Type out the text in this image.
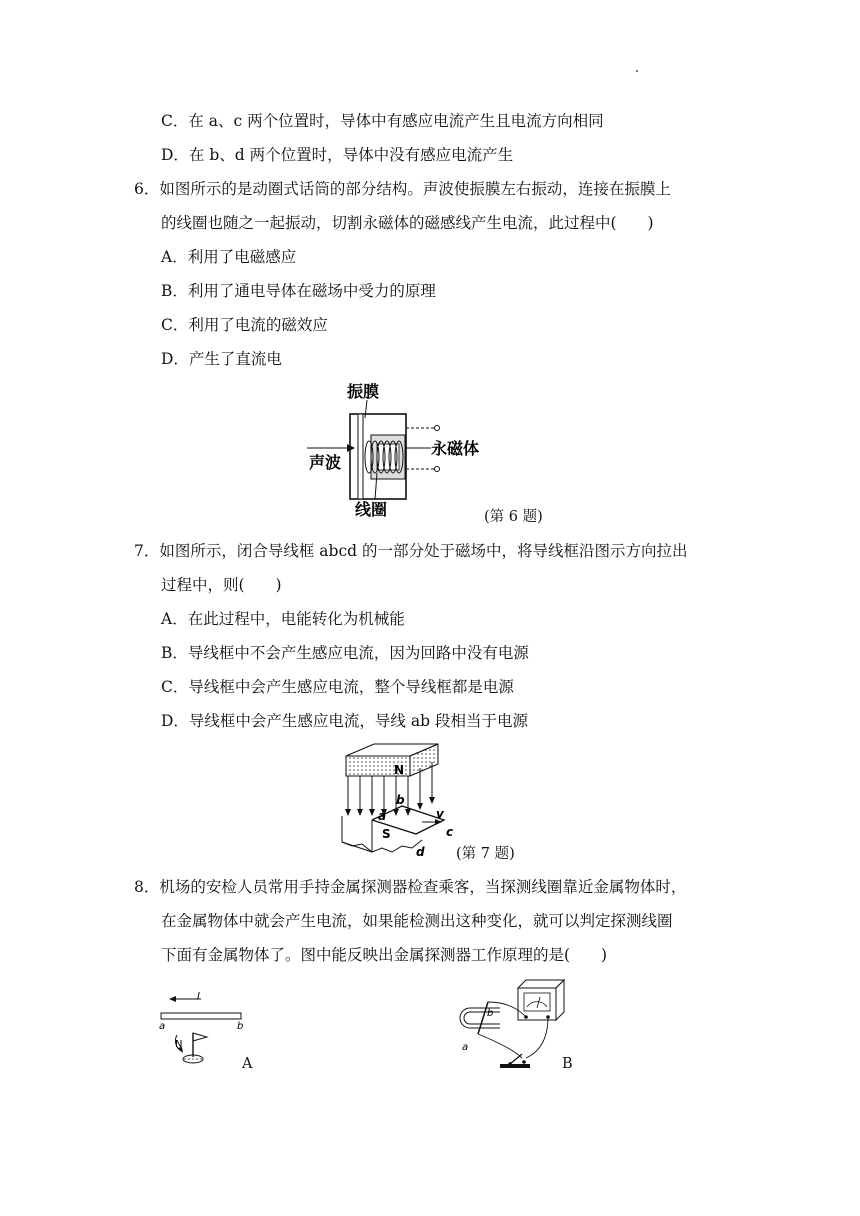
C．在 a、c 两个位置时，导体中有感应电流产生且电流方向相同
D．在 b、d 两个位置时，导体中没有感应电流产生
6．如图所示的是动圈式话筒的部分结构。声波使振膜左右振动，连接在振膜上
的线圈也随之一起振动，切割永磁体的磁感线产生电流，此过程中(　　)
A．利用了电磁感应
B．利用了通电导体在磁场中受力的原理
C．利用了电流的磁效应
D．产生了直流电
振膜
永磁体
声波
线圈	(第 6 题)
7．如图所示，闭合导线框 abcd 的一部分处于磁场中，将导线框沿图示方向拉出
过程中，则(　　)
A．在此过程中，电能转化为机械能
B．导线框中不会产生感应电流，因为回路中没有电源
C．导线框中会产生感应电流，整个导线框都是电源
D．导线框中会产生感应电流，导线 ab 段相当于电源
N
a
b
c
d
v
S
(第 7 题)
8．机场的安检人员常用手持金属探测器检查乘客，当探测线圈靠近金属物体时，
在金属物体中就会产生电流，如果能检测出这种变化，就可以判定探测线圈
下面有金属物体了。图中能反映出金属探测器工作原理的是(　　)
I
a	b
N
A
b
a
B
